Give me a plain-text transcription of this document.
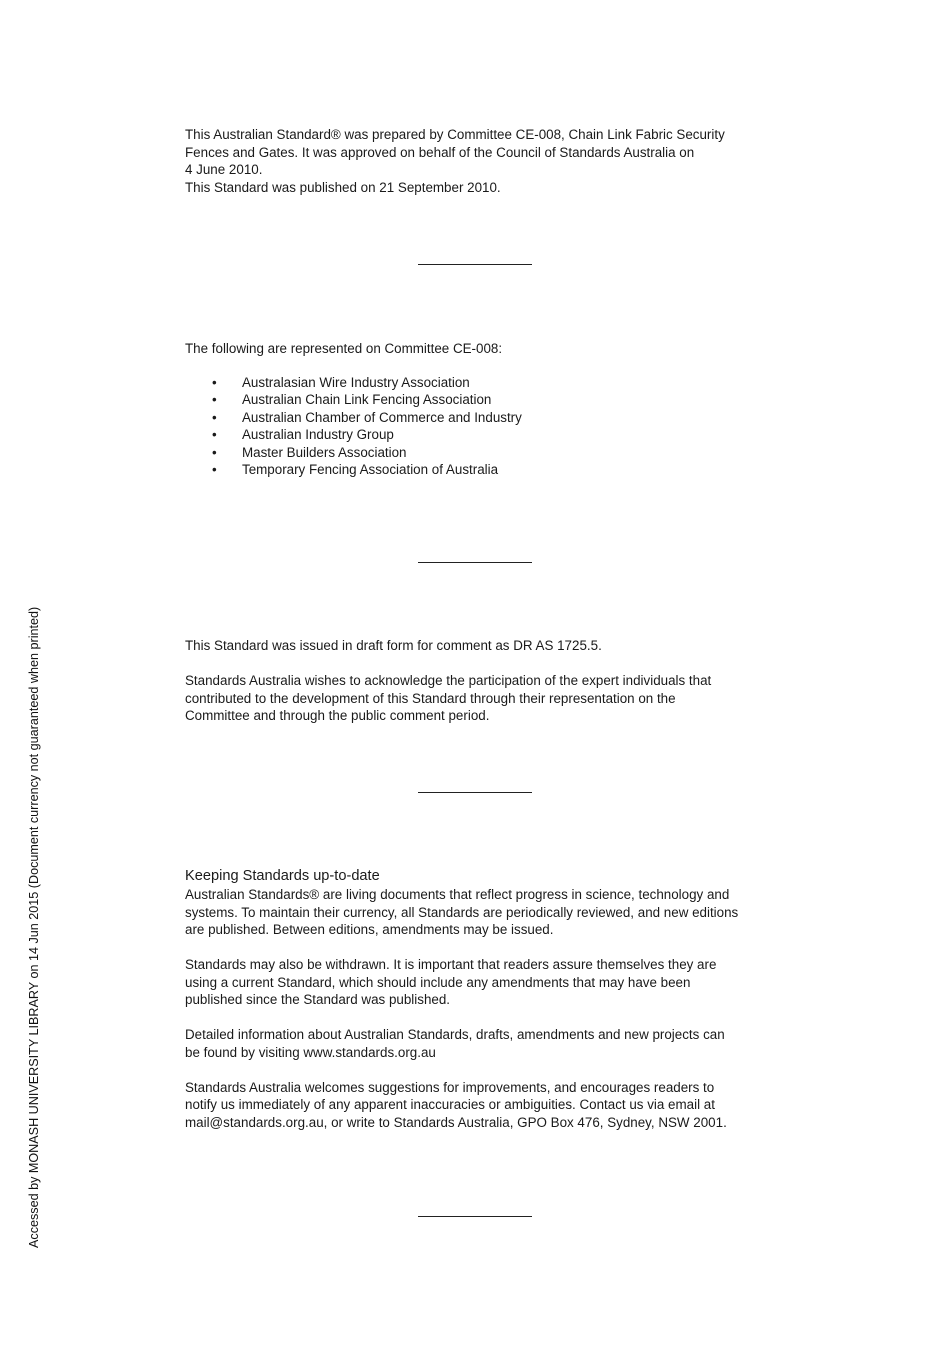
This Australian Standard® was prepared by Committee CE-008, Chain Link Fabric Security

Fences and Gates. It was approved on behalf of the Council of Standards Australia on

4 June 2010.

This Standard was published on 21 September 2010.

The following are represented on Committee CE-008:

• Australasian Wire Industry Association
• Australian Chain Link Fencing Association
• Australian Chamber of Commerce and Industry
• Australian Industry Group
• Master Builders Association
• Temporary Fencing Association of Australia

This Standard was issued in draft form for comment as DR AS 1725.5.

Standards Australia wishes to acknowledge the participation of the expert individuals that

contributed to the development of this Standard through their representation on the

Committee and through the public comment period.

Keeping Standards up-to-date

Australian Standards® are living documents that reflect progress in science, technology and

systems. To maintain their currency, all Standards are periodically reviewed, and new editions

are published. Between editions, amendments may be issued.

Standards may also be withdrawn. It is important that readers assure themselves they are

using a current Standard, which should include any amendments that may have been

published since the Standard was published.

Detailed information about Australian Standards, drafts, amendments and new projects can

be found by visiting www.standards.org.au

Standards Australia welcomes suggestions for improvements, and encourages readers to

notify us immediately of any apparent inaccuracies or ambiguities. Contact us via email at

mail@standards.org.au, or write to Standards Australia, GPO Box 476, Sydney, NSW 2001.

Accessed by MONASH UNIVERSITY LIBRARY on 14 Jun 2015 (Document currency not guaranteed when printed)
